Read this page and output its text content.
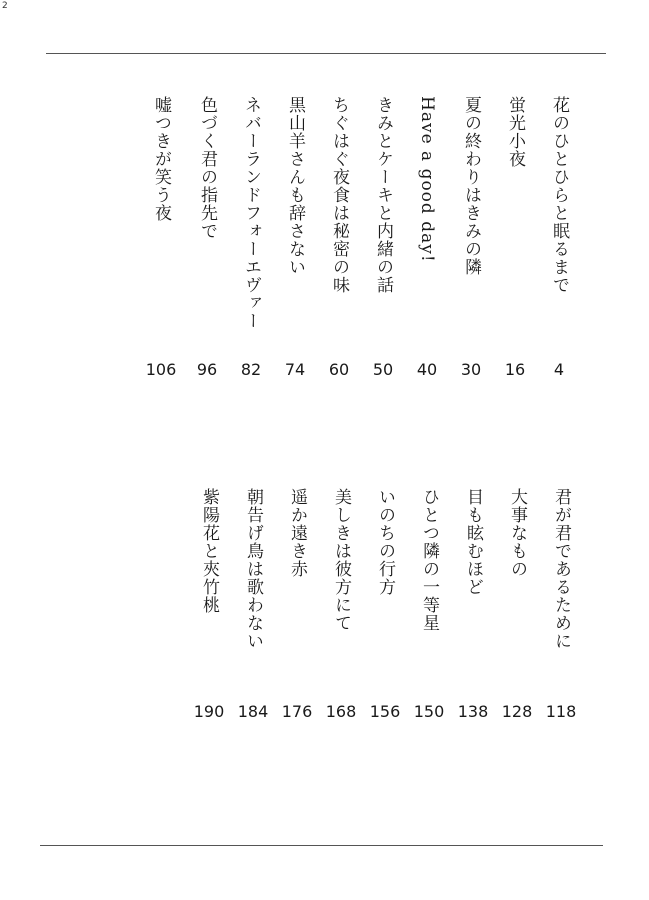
2
花のひとひらと眠るまで
4
蛍光小夜
16
夏の終わりはきみの隣
30
Have a good day!
40
きみとケーキと内緒の話
50
ちぐはぐ夜食は秘密の味
60
黒山羊さんも辞さない
74
ネバーランドフォーエヴァー
82
色づく君の指先で
96
嘘つきが笑う夜
106
君が君であるために
118
大事なもの
128
目も眩むほど
138
ひとつ隣の一等星
150
いのちの行方
156
美しきは彼方にて
168
遥か遠き赤
176
朝告げ鳥は歌わない
184
紫陽花と夾竹桃
190
